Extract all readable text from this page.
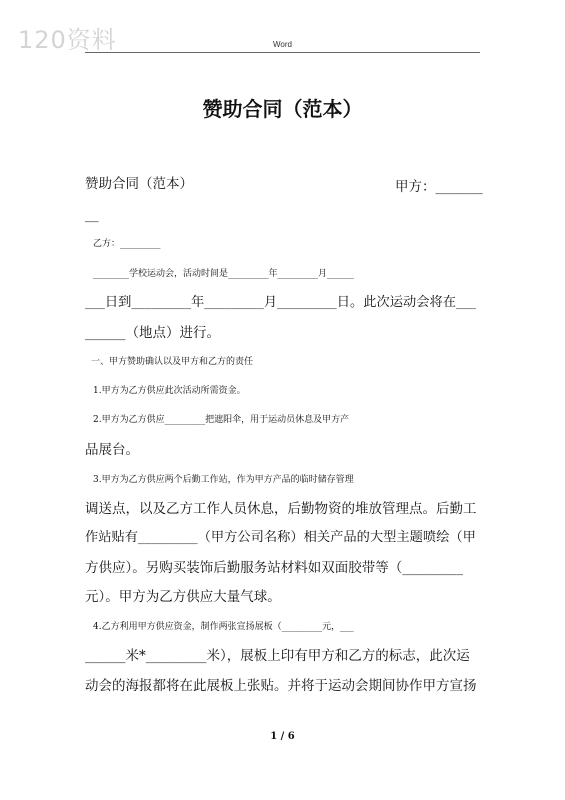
120资料	Word
赞助合同（范本）
赞助合同（范本）	甲方：_______
__
乙方：_________
________学校运动会，活动时间是_________年_________月______
___日到_________年_________月_________日。此次运动会将在___
______（地点）进行。
一、甲方赞助确认以及甲方和乙方的责任
1.甲方为乙方供应此次活动所需资金。
2.甲方为乙方供应_________把遮阳伞，用于运动员休息及甲方产
品展台。
3.甲方为乙方供应两个后勤工作站，作为甲方产品的临时储存管理
调送点，以及乙方工作人员休息，后勤物资的堆放管理点。后勤工
作站贴有_________（甲方公司名称）相关产品的大型主题喷绘（甲
方供应）。另购买装饰后勤服务站材料如双面胶带等（_________
元）。甲方为乙方供应大量气球。
4.乙方利用甲方供应资金，制作两张宣扬展板（_________元，___
______米*_________米），展板上印有甲方和乙方的标志，此次运
动会的海报都将在此展板上张贴。并将于运动会期间协作甲方宣扬
1 / 6
